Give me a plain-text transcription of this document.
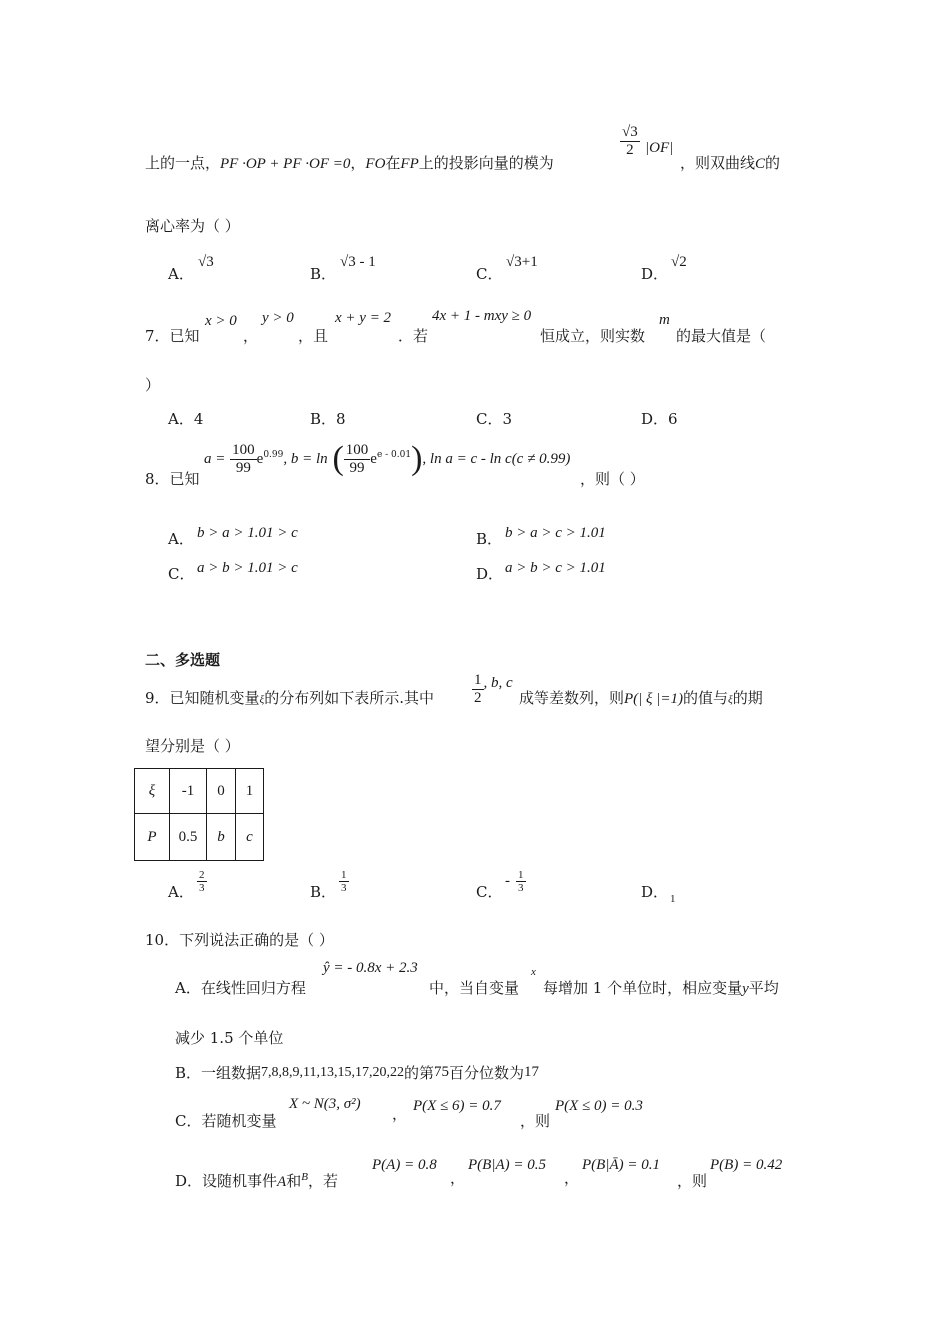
上的一点，PF ·OP + PF ·OF =0，FO在FP上的投影向量的模为
$\frac{√3}{2} |OF|$
，则双曲线C的
离心率为（ ）
A．
√3
B．
√3 - 1
C．
√3+1
D．
√2
7．已知
x > 0
，
y > 0
，且
x + y = 2
．若
4x + 1 - mxy ≥ 0
恒成立，则实数
m
的最大值是（
）
A．4	B．8	C．3	D．6
8．已知
$a = \frac{100}{99} e^{0.99}$, b = ln ( $\frac{100}{99} e^{e - 0.01}$), ln a = c - ln c(c ≠ 0.99)
，则（ ）
A． b > a > 1.01 > c	B． b > a > c > 1.01
C． a > b > 1.01 > c	D． a > b > c > 1.01
二、多选题
9．已知随机变量ξ的分布列如下表所示.其中	$\frac{1}{2}$ , b, c
成等差数列，则P(| ξ |=1)的值与ξ的期
望分别是（ ）
ξ	-1	0	1
P	0.5	b	c
A． $\frac{2}{3}$	B． $\frac{1}{3}$	C．
- $\frac{1}{3}$	D． 1
10．下列说法正确的是（ ）
A．在线性回归方程
ŷ = - 0.8x + 2.3
中，当自变量
x
每增加 1 个单位时，相应变量y平均
减少 1.5 个单位
B．一组数据7,8,8,9,11,13,15,17,20,22的第75百分位数为17
C．若随机变量
X ~ N(3, σ²)
， P(X ≤ 6) = 0.7
，则
P(X ≤ 0) = 0.3
D．设随机事件A和$^B$，若
P(A) = 0.8
，
P(B|A) = 0.5
，
P(B|Ā) = 0.1
，则
P(B) = 0.42
